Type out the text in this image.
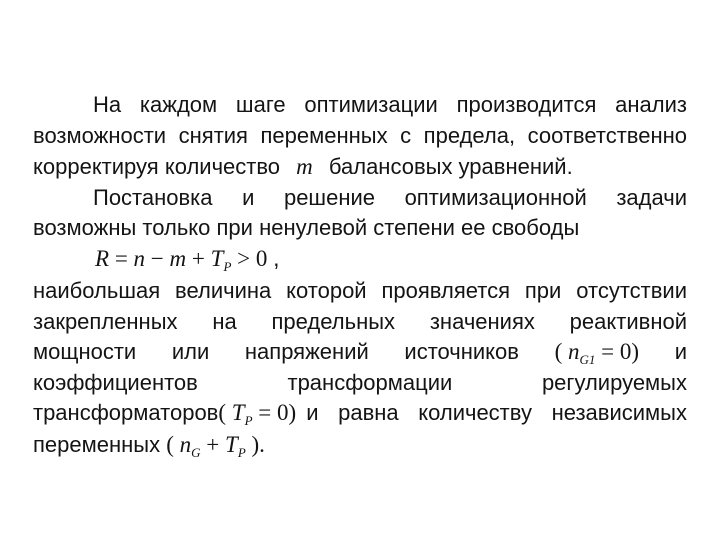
На каждом шаге оптимизации производится анализ
возможности снятия переменных с предела, соответственно
корректируя количество m балансовых уравнений.
Постановка и решение оптимизационной задачи
возможны только при ненулевой степени ее свободы
$R = n - m + T_P > 0$ ,
наибольшая величина которой проявляется при отсутствии
закрепленных на предельных значениях реактивной
мощности или напряжений источников ( $n_{G1} = 0$) и
коэффициентов трансформации регулируемых
трансформаторов ( $T_P = 0$) и равна количеству независимых
переменных ( $n_G + T_P$ ).
